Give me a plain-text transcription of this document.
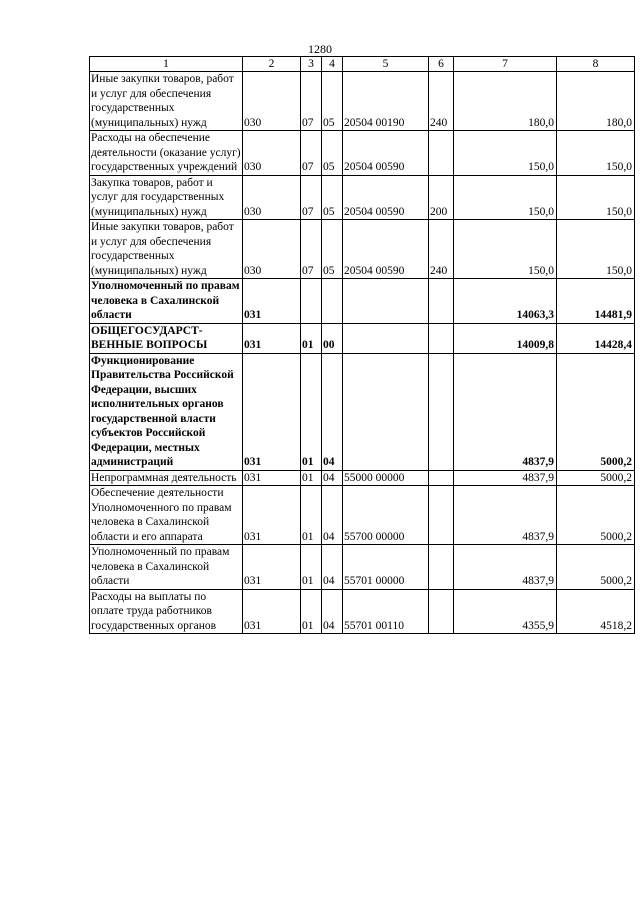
1280
1	2	3	4	5	6	7	8
Иные закупки товаров, работ и услуг для обеспечения государственных (муниципальных) нужд	030	07	05	20504 00190	240	180,0	180,0
Расходы на обеспечение деятельности (оказание услуг) государственных учреждений	030	07	05	20504 00590		150,0	150,0
Закупка товаров, работ и услуг для государственных (муниципальных) нужд	030	07	05	20504 00590	200	150,0	150,0
Иные закупки товаров, работ и услуг для обеспечения государственных (муниципальных) нужд	030	07	05	20504 00590	240	150,0	150,0
Уполномоченный по правам человека в Сахалинской области	031					14063,3	14481,9
ОБЩЕГОСУДАРСТ-ВЕННЫЕ ВОПРОСЫ	031	01	00			14009,8	14428,4
Функционирование Правительства Российской Федерации, высших исполнительных органов государственной власти субъектов Российской Федерации, местных администраций	031	01	04			4837,9	5000,2
Непрограммная деятельность	031	01	04	55000 00000		4837,9	5000,2
Обеспечение деятельности Уполномоченного по правам человека в Сахалинской области и его аппарата	031	01	04	55700 00000		4837,9	5000,2
Уполномоченный по правам человека в Сахалинской области	031	01	04	55701 00000		4837,9	5000,2
Расходы на выплаты по оплате труда работников государственных органов	031	01	04	55701 00110		4355,9	4518,2
